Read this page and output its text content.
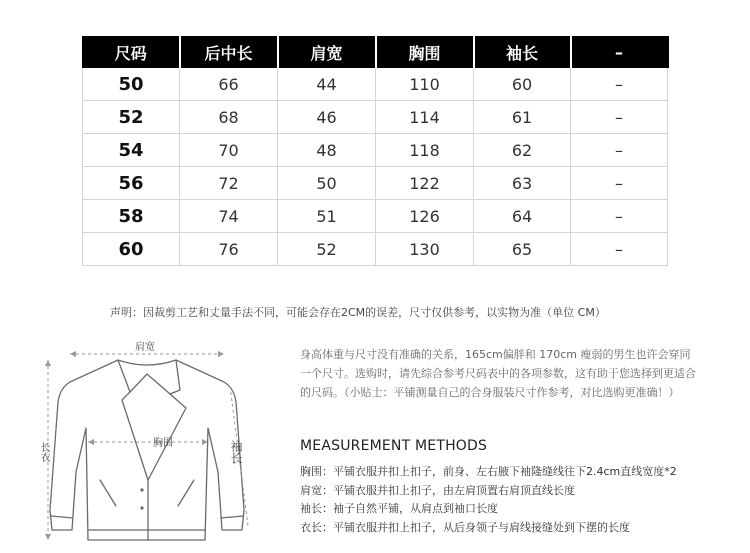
尺码	后中长	肩宽	胸围	袖长	–
50	66	44	110	60	–
52	68	46	114	61	–
54	70	48	118	62	–
56	72	50	122	63	–
58	74	51	126	64	–
60	76	52	130	65	–
声明：因裁剪工艺和丈量手法不同，可能会存在2CM的误差，尺寸仅供参考，以实物为准（单位 CM）
肩宽
胸围
长衣	袖长
身高体重与尺寸没有准确的关系，165cm偏胖和 170cm 瘦弱的男生也许会穿同一个尺寸。选购时，请先综合参考尺码表中的各项参数，这有助于您选择到更适合的尺码。（小贴士：平铺测量自己的合身服装尺寸作参考，对比选购更准确！）
MEASUREMENT METHODS
胸围：平铺衣服并扣上扣子，前身、左右腋下袖隆缝线往下2.4cm直线宽度*2
肩宽：平铺衣服并扣上扣子，由左肩顶置右肩顶直线长度
袖长：袖子自然平铺，从肩点到袖口长度
衣长：平铺衣服并扣上扣子，从后身领子与肩线接缝处到下摆的长度
